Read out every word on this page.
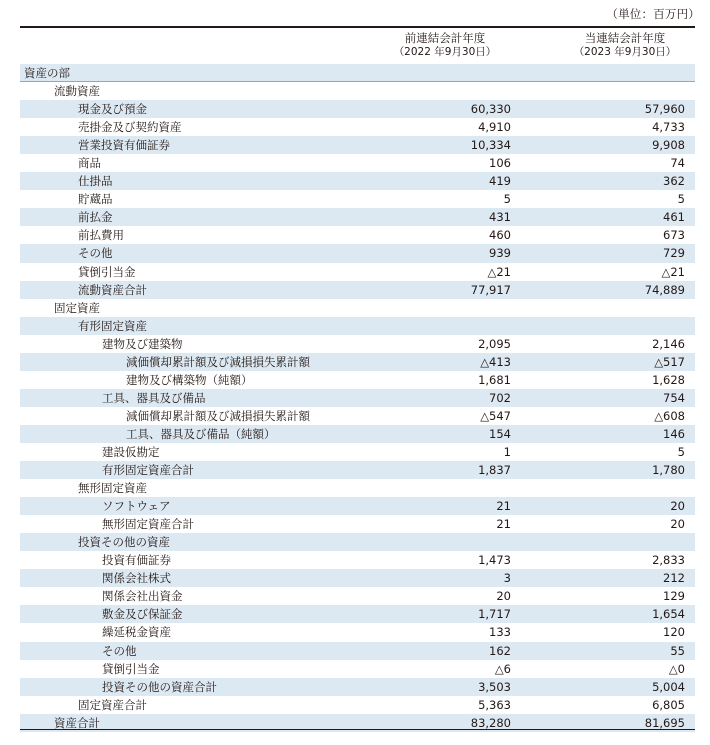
（単位：百万円）
前連結会計年度
（2022 年9月30日）
当連結会計年度
（2023 年9月30日）
資産の部
流動資産
現金及び預金	60,330	57,960
売掛金及び契約資産	4,910	4,733
営業投資有価証券	10,334	9,908
商品	106	74
仕掛品	419	362
貯蔵品	5	5
前払金	431	461
前払費用	460	673
その他	939	729
貸倒引当金	△21	△21
流動資産合計	77,917	74,889
固定資産
有形固定資産
建物及び建築物	2,095	2,146
減価償却累計額及び減損損失累計額	△413	△517
建物及び構築物（純額）	1,681	1,628
工具、器具及び備品	702	754
減価償却累計額及び減損損失累計額	△547	△608
工具、器具及び備品（純額）	154	146
建設仮勘定	1	5
有形固定資産合計	1,837	1,780
無形固定資産
ソフトウェア	21	20
無形固定資産合計	21	20
投資その他の資産
投資有価証券	1,473	2,833
関係会社株式	3	212
関係会社出資金	20	129
敷金及び保証金	1,717	1,654
繰延税金資産	133	120
その他	162	55
貸倒引当金	△6	△0
投資その他の資産合計	3,503	5,004
固定資産合計	5,363	6,805
資産合計	83,280	81,695
